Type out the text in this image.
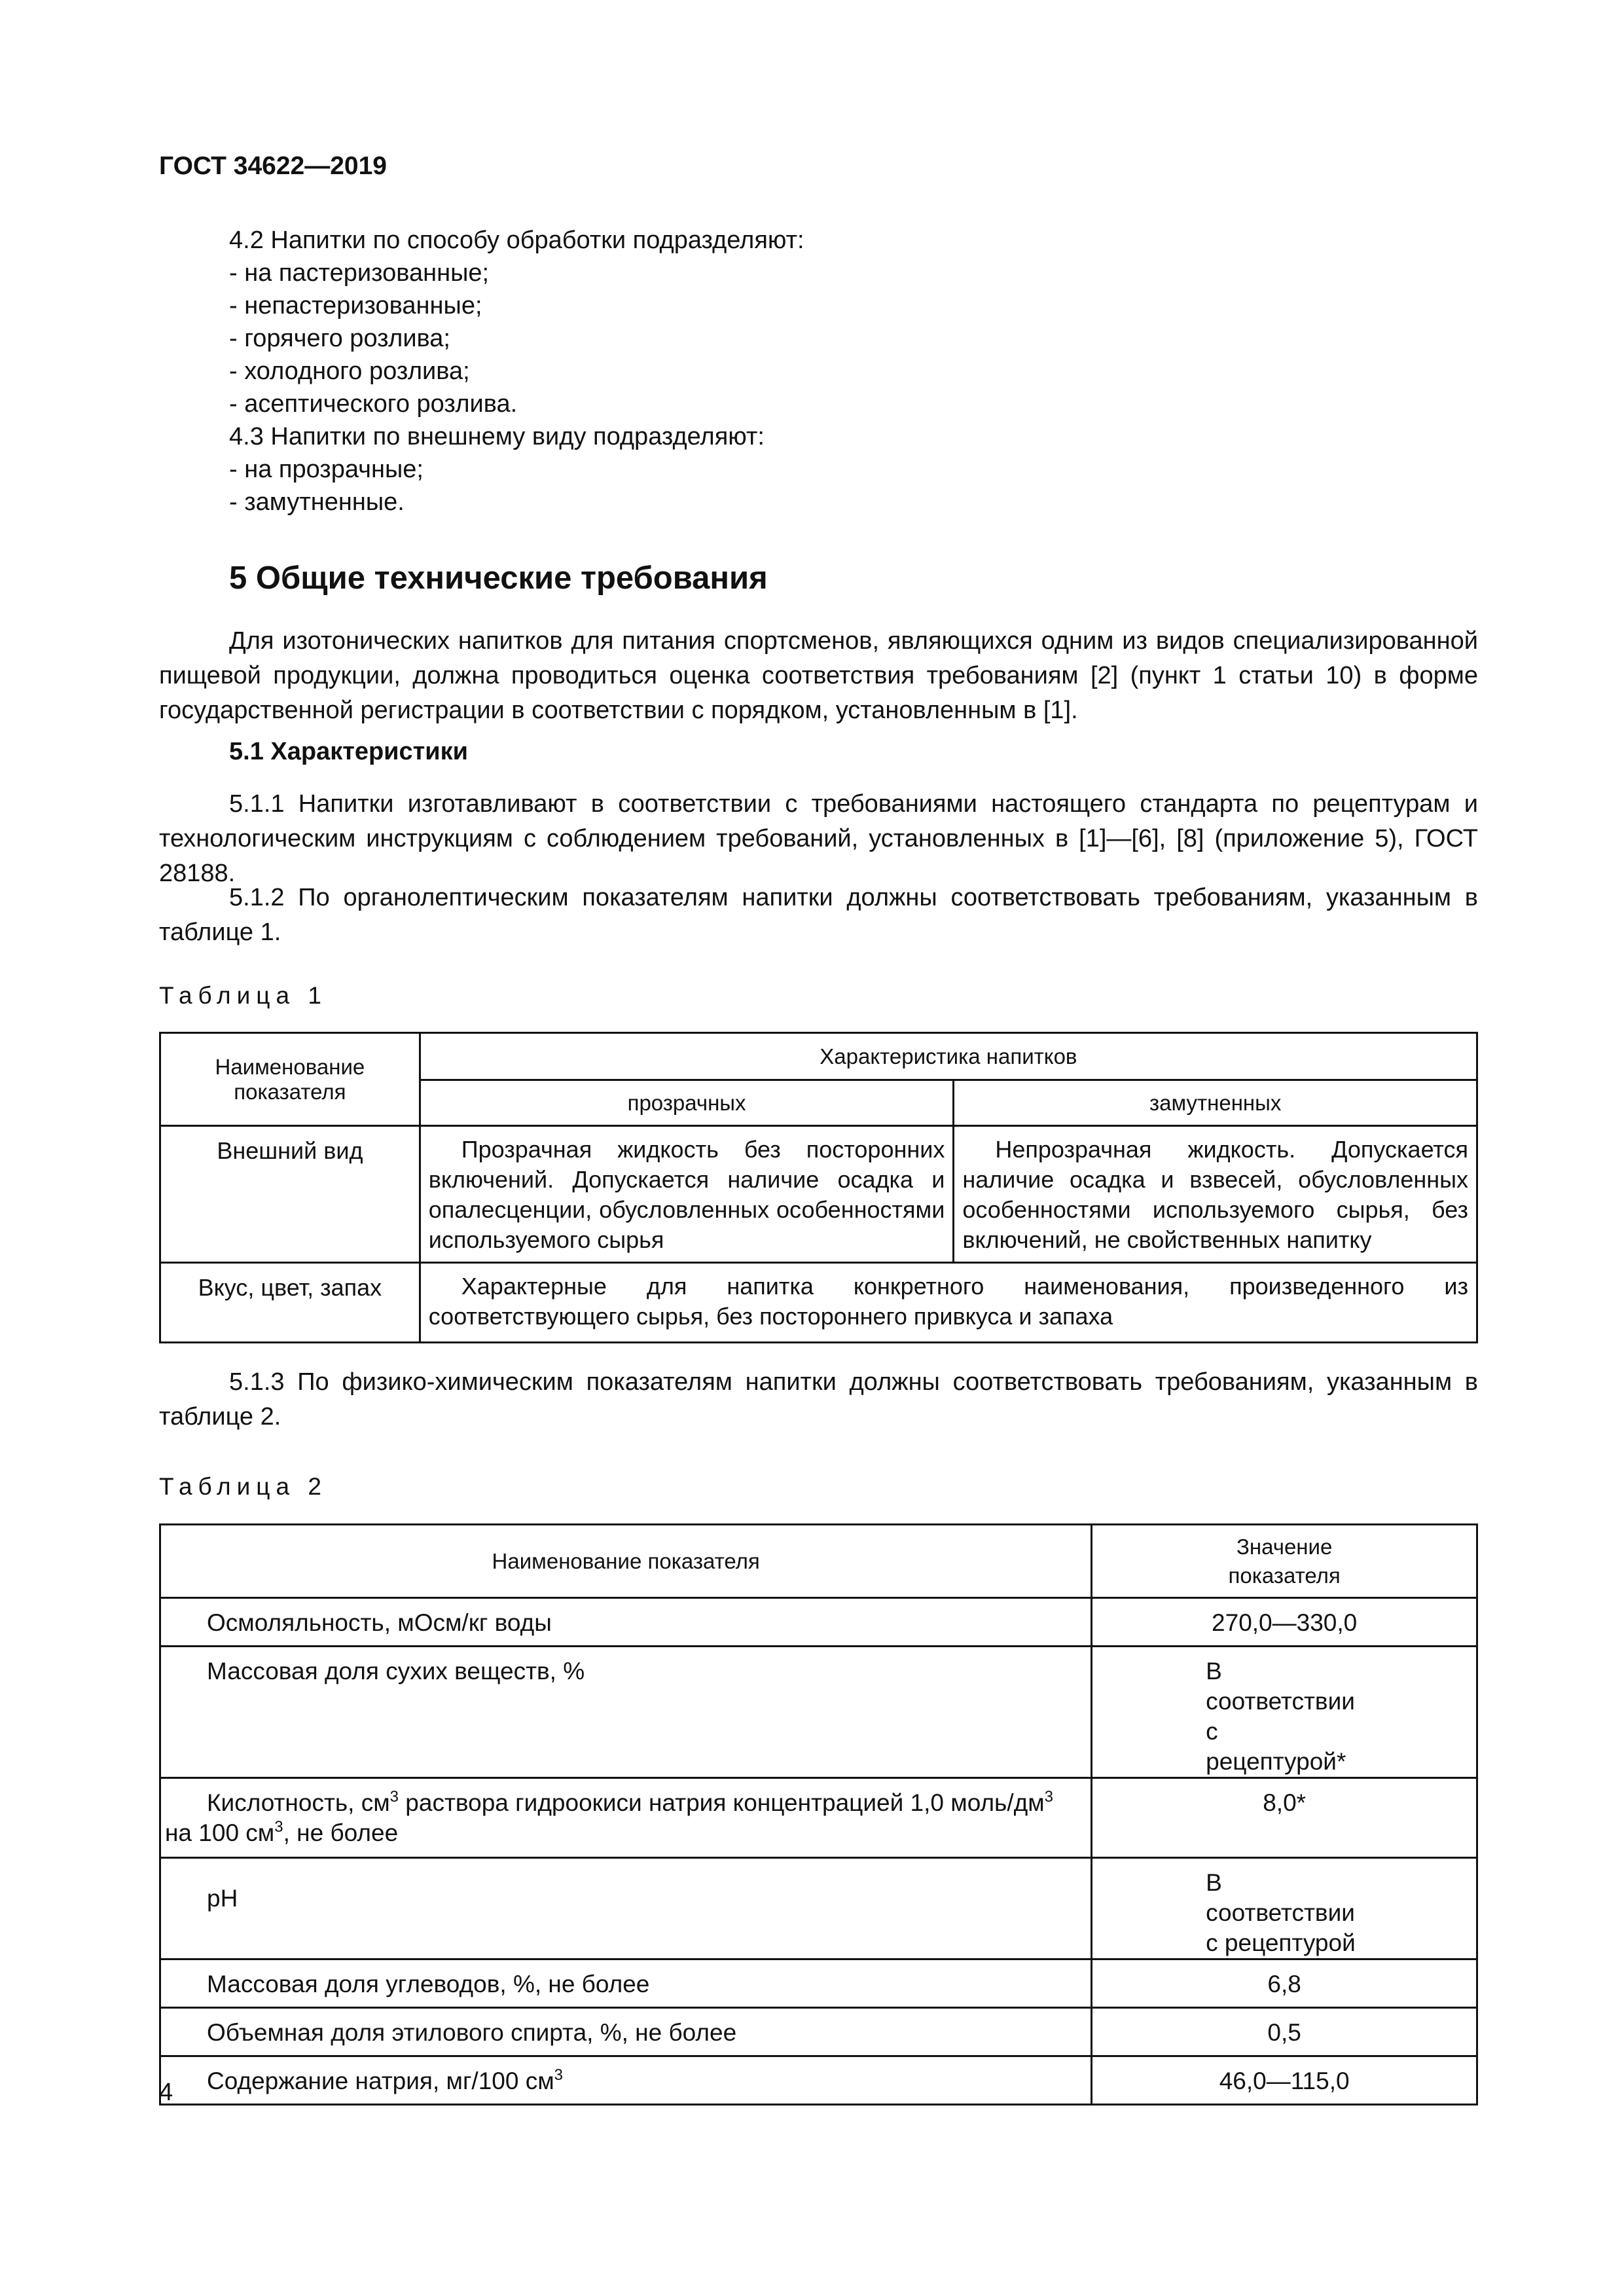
ГОСТ 34622—2019
4.2 Напитки по способу обработки подразделяют:
- на пастеризованные;
- непастеризованные;
- горячего розлива;
- холодного розлива;
- асептического розлива.
4.3 Напитки по внешнему виду подразделяют:
- на прозрачные;
- замутненные.
5 Общие технические требования
Для изотонических напитков для питания спортсменов, являющихся одним из видов специализированной пищевой продукции, должна проводиться оценка соответствия требованиям [2] (пункт 1 статьи 10) в форме государственной регистрации в соответствии с порядком, установленным в [1].
5.1 Характеристики
5.1.1 Напитки изготавливают в соответствии с требованиями настоящего стандарта по рецептурам и технологическим инструкциям с соблюдением требований, установленных в [1]—[6], [8] (приложение 5), ГОСТ 28188.
5.1.2 По органолептическим показателям напитки должны соответствовать требованиям, указанным в таблице 1.
Таблица 1
Наименование показателя	Характеристика напитков	
	прозрачных	замутненных
Внешний вид	Прозрачная жидкость без посторонних включений. Допускается наличие осадка и опалесценции, обусловленных особенностями используемого сырья	Непрозрачная жидкость. Допускается наличие осадка и взвесей, обусловленных особенностями используемого сырья, без включений, не свойственных напитку
Вкус, цвет, запах	Характерные для напитка конкретного наименования, произведенного из соответствующего сырья, без постороннего привкуса и запаха	
5.1.3 По физико-химическим показателям напитки должны соответствовать требованиям, указанным в таблице 2.
Таблица 2
Наименование показателя	Значение показателя
Осмоляльность, мОсм/кг воды	270,0—330,0
Массовая доля сухих веществ, %	В соответствии с рецептурой*
Кислотность, $см^3$ раствора гидроокиси натрия концентрацией 1,0 моль/$дм^3$
на 100 $см^3$, не более	8,0*
pH	В соответствии с рецептурой
Массовая доля углеводов, %, не более	6,8
Объемная доля этилового спирта, %, не более	0,5
Содержание натрия, мг/100 $см^3$	46,0—115,0
4
